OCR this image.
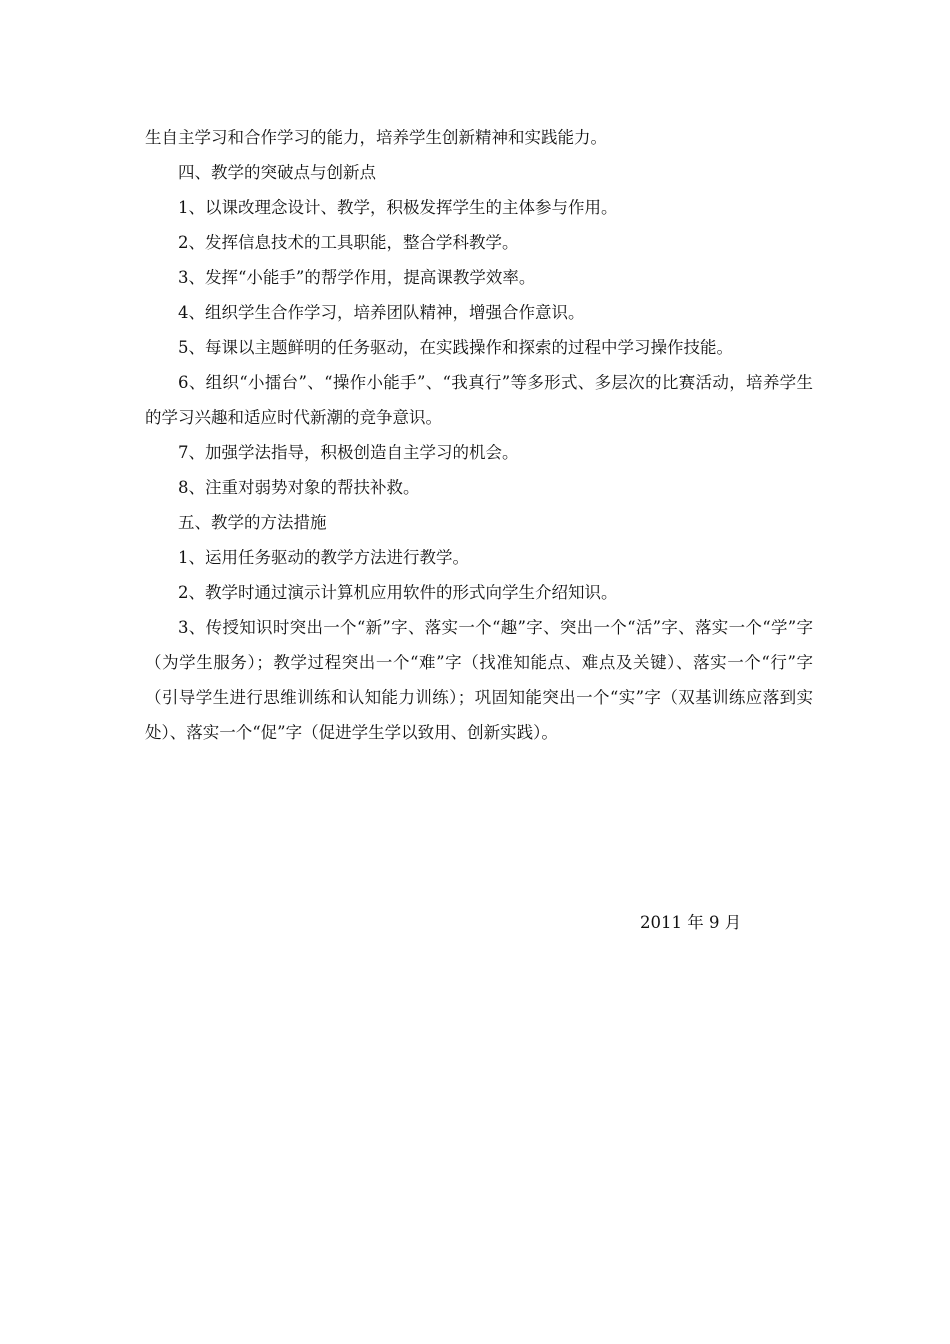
生自主学习和合作学习的能力，培养学生创新精神和实践能力。

四、教学的突破点与创新点

1、以课改理念设计、教学，积极发挥学生的主体参与作用。

2、发挥信息技术的工具职能，整合学科教学。

3、发挥“小能手”的帮学作用，提高课教学效率。

4、组织学生合作学习，培养团队精神，增强合作意识。

5、每课以主题鲜明的任务驱动，在实践操作和探索的过程中学习操作技能。

6、组织“小擂台”、“操作小能手”、“我真行”等多形式、多层次的比赛活动，培养学生的学习兴趣和适应时代新潮的竞争意识。

7、加强学法指导，积极创造自主学习的机会。

8、注重对弱势对象的帮扶补救。

五、教学的方法措施

1、运用任务驱动的教学方法进行教学。

2、教学时通过演示计算机应用软件的形式向学生介绍知识。

3、传授知识时突出一个“新”字、落实一个“趣”字、突出一个“活”字、落实一个“学”字（为学生服务）；教学过程突出一个“难”字（找准知能点、难点及关键）、落实一个“行”字（引导学生进行思维训练和认知能力训练）；巩固知能突出一个“实”字（双基训练应落到实处）、落实一个“促”字（促进学生学以致用、创新实践）。

2011 年 9 月
